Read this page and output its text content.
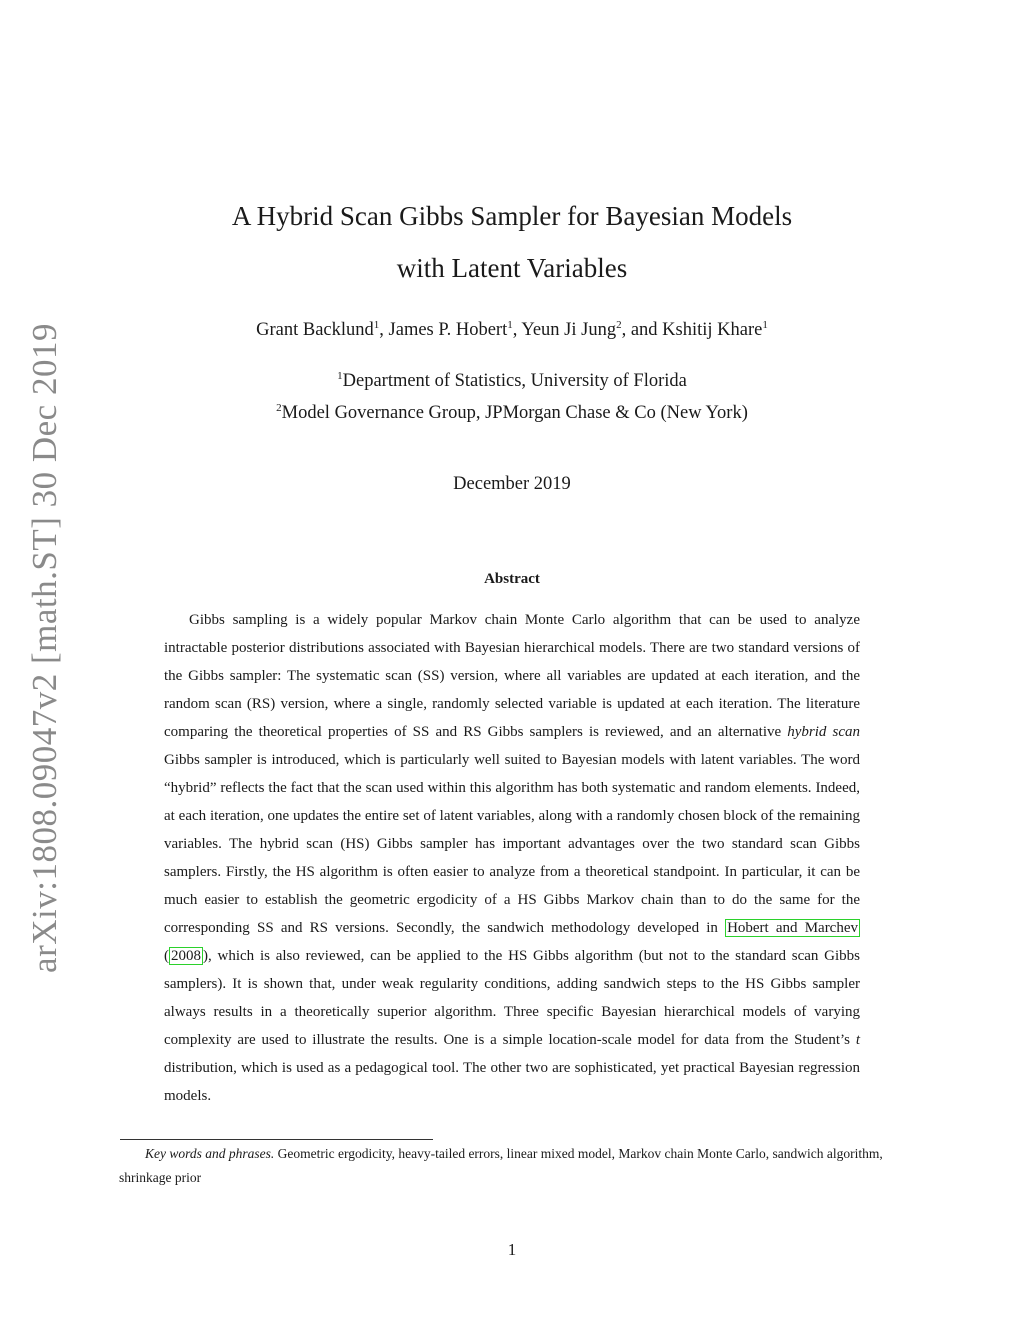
arXiv:1808.09047v2 [math.ST] 30 Dec 2019
A Hybrid Scan Gibbs Sampler for Bayesian Models
with Latent Variables
Grant Backlund$^1$, James P. Hobert$^1$, Yeun Ji Jung$^2$, and Kshitij Khare$^1$
$^1$Department of Statistics, University of Florida
$^2$Model Governance Group, JPMorgan Chase & Co (New York)
December 2019
Abstract

Gibbs sampling is a widely popular Markov chain Monte Carlo algorithm that can be used to analyze intractable posterior distributions associated with Bayesian hierarchical models. There are two standard versions of the Gibbs sampler: The systematic scan (SS) version, where all variables are updated at each iteration, and the random scan (RS) version, where a single, randomly selected variable is updated at each iteration. The literature comparing the theoretical properties of SS and RS Gibbs samplers is reviewed, and an alternative hybrid scan Gibbs sampler is introduced, which is particularly well suited to Bayesian models with latent variables. The word “hybrid” reflects the fact that the scan used within this algorithm has both systematic and random elements. Indeed, at each iteration, one updates the entire set of latent variables, along with a randomly chosen block of the remaining variables. The hybrid scan (HS) Gibbs sampler has important advantages over the two standard scan Gibbs samplers. Firstly, the HS algorithm is often easier to analyze from a theoretical standpoint. In particular, it can be much easier to establish the geometric ergodicity of a HS Gibbs Markov chain than to do the same for the corresponding SS and RS versions. Secondly, the sandwich methodology developed in Hobert and Marchev ( 2008 ), which is also reviewed, can be applied to the HS Gibbs algorithm (but not to the standard scan Gibbs samplers). It is shown that, under weak regularity conditions, adding sandwich steps to the HS Gibbs sampler always results in a theoretically superior algorithm. Three specific Bayesian hierarchical models of varying complexity are used to illustrate the results. One is a simple location-scale model for data from the Student’s t distribution, which is used as a pedagogical tool. The other two are sophisticated, yet practical Bayesian regression models.

Key words and phrases. Geometric ergodicity, heavy-tailed errors, linear mixed model, Markov chain Monte Carlo, sandwich algorithm, shrinkage prior

1
